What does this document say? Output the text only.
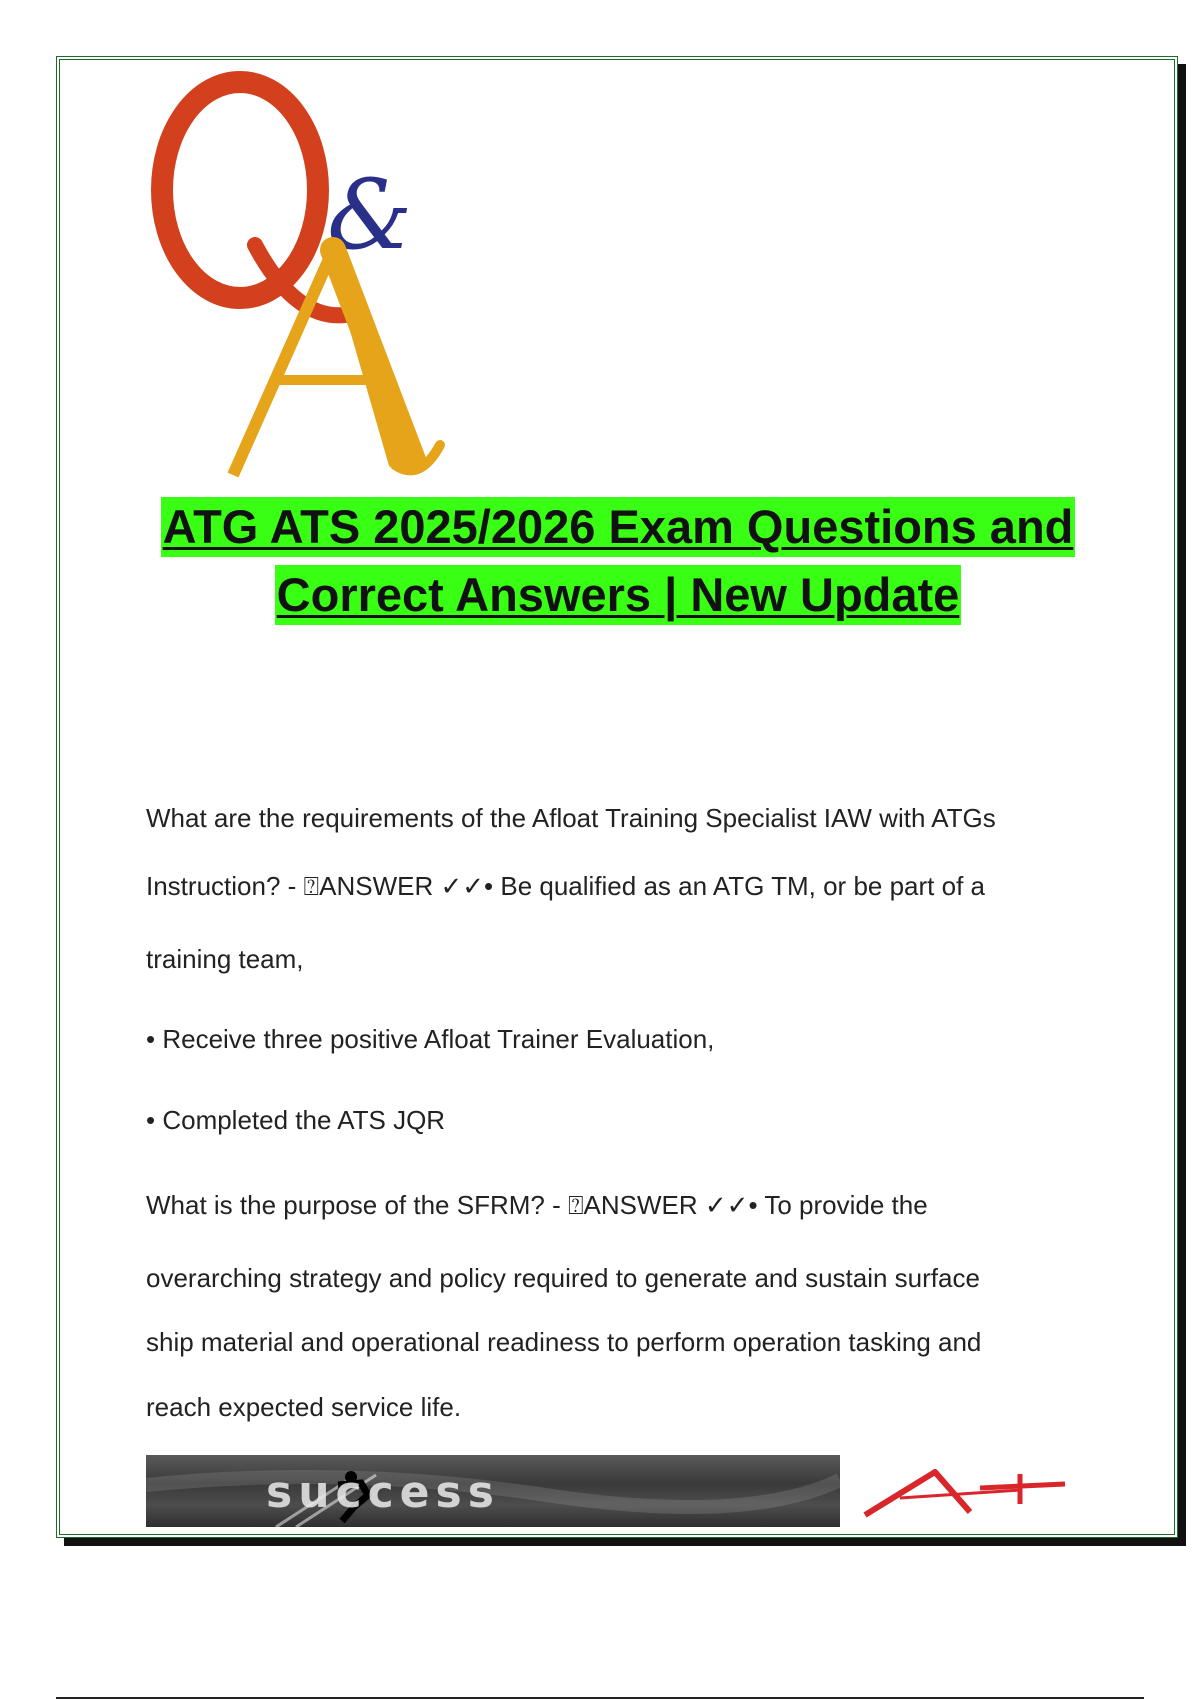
&
ATG ATS 2025/2026 Exam Questions and
Correct Answers | New Update
What are the requirements of the Afloat Training Specialist IAW with ATGs
Instruction? - ⍰ANSWER ✓✓• Be qualified as an ATG TM, or be part of a
training team,
• Receive three positive Afloat Trainer Evaluation,
• Completed the ATS JQR
What is the purpose of the SFRM? - ⍰ANSWER ✓✓• To provide the
overarching strategy and policy required to generate and sustain surface
ship material and operational readiness to perform operation tasking and
reach expected service life.
success
